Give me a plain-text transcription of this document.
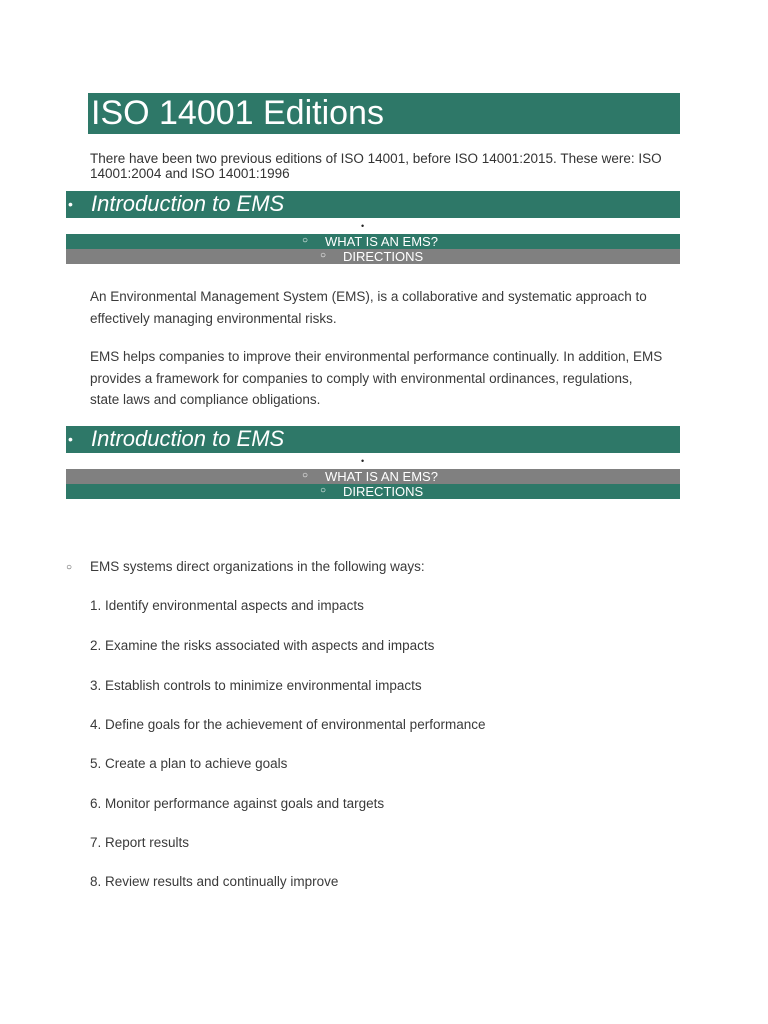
ISO 14001 Editions
There have been two previous editions of ISO 14001, before ISO 14001:2015. These were: ISO 14001:2004 and ISO 14001:1996
• Introduction to EMS
•
○ WHAT IS AN EMS?
○ DIRECTIONS
An Environmental Management System (EMS), is a collaborative and systematic approach to effectively managing environmental risks.
EMS helps companies to improve their environmental performance continually. In addition, EMS provides a framework for companies to comply with environmental ordinances, regulations, state laws and compliance obligations.
• Introduction to EMS
•
○ WHAT IS AN EMS?
○ DIRECTIONS
○ EMS systems direct organizations in the following ways:
1. Identify environmental aspects and impacts
2. Examine the risks associated with aspects and impacts
3. Establish controls to minimize environmental impacts
4. Define goals for the achievement of environmental performance
5. Create a plan to achieve goals
6. Monitor performance against goals and targets
7. Report results
8. Review results and continually improve
